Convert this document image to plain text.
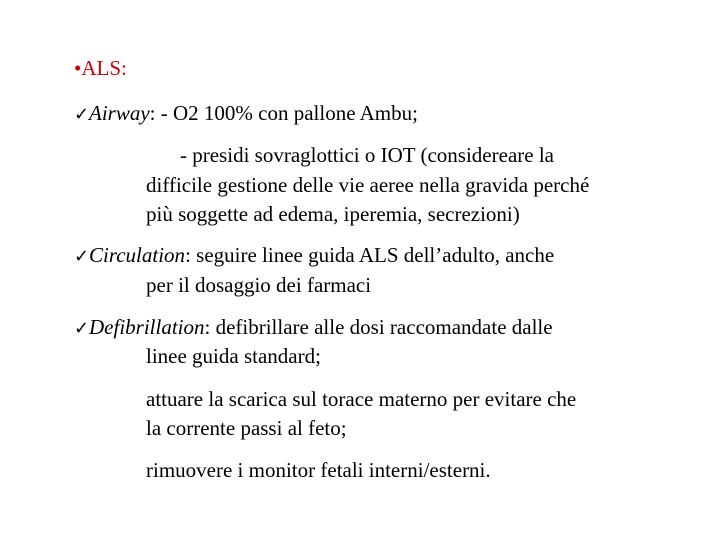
•ALS:
✓Airway: - O2 100% con pallone Ambu;
- presidi sovraglottici o IOT (considereare la
difficile gestione delle vie aeree nella gravida perché
più soggette ad edema, iperemia, secrezioni)
✓Circulation: seguire linee guida ALS dell’adulto, anche
per il dosaggio dei farmaci
✓Defibrillation: defibrillare alle dosi raccomandate dalle
linee guida standard;
attuare la scarica sul torace materno per evitare che
la corrente passi al feto;
rimuovere i monitor fetali interni/esterni.
